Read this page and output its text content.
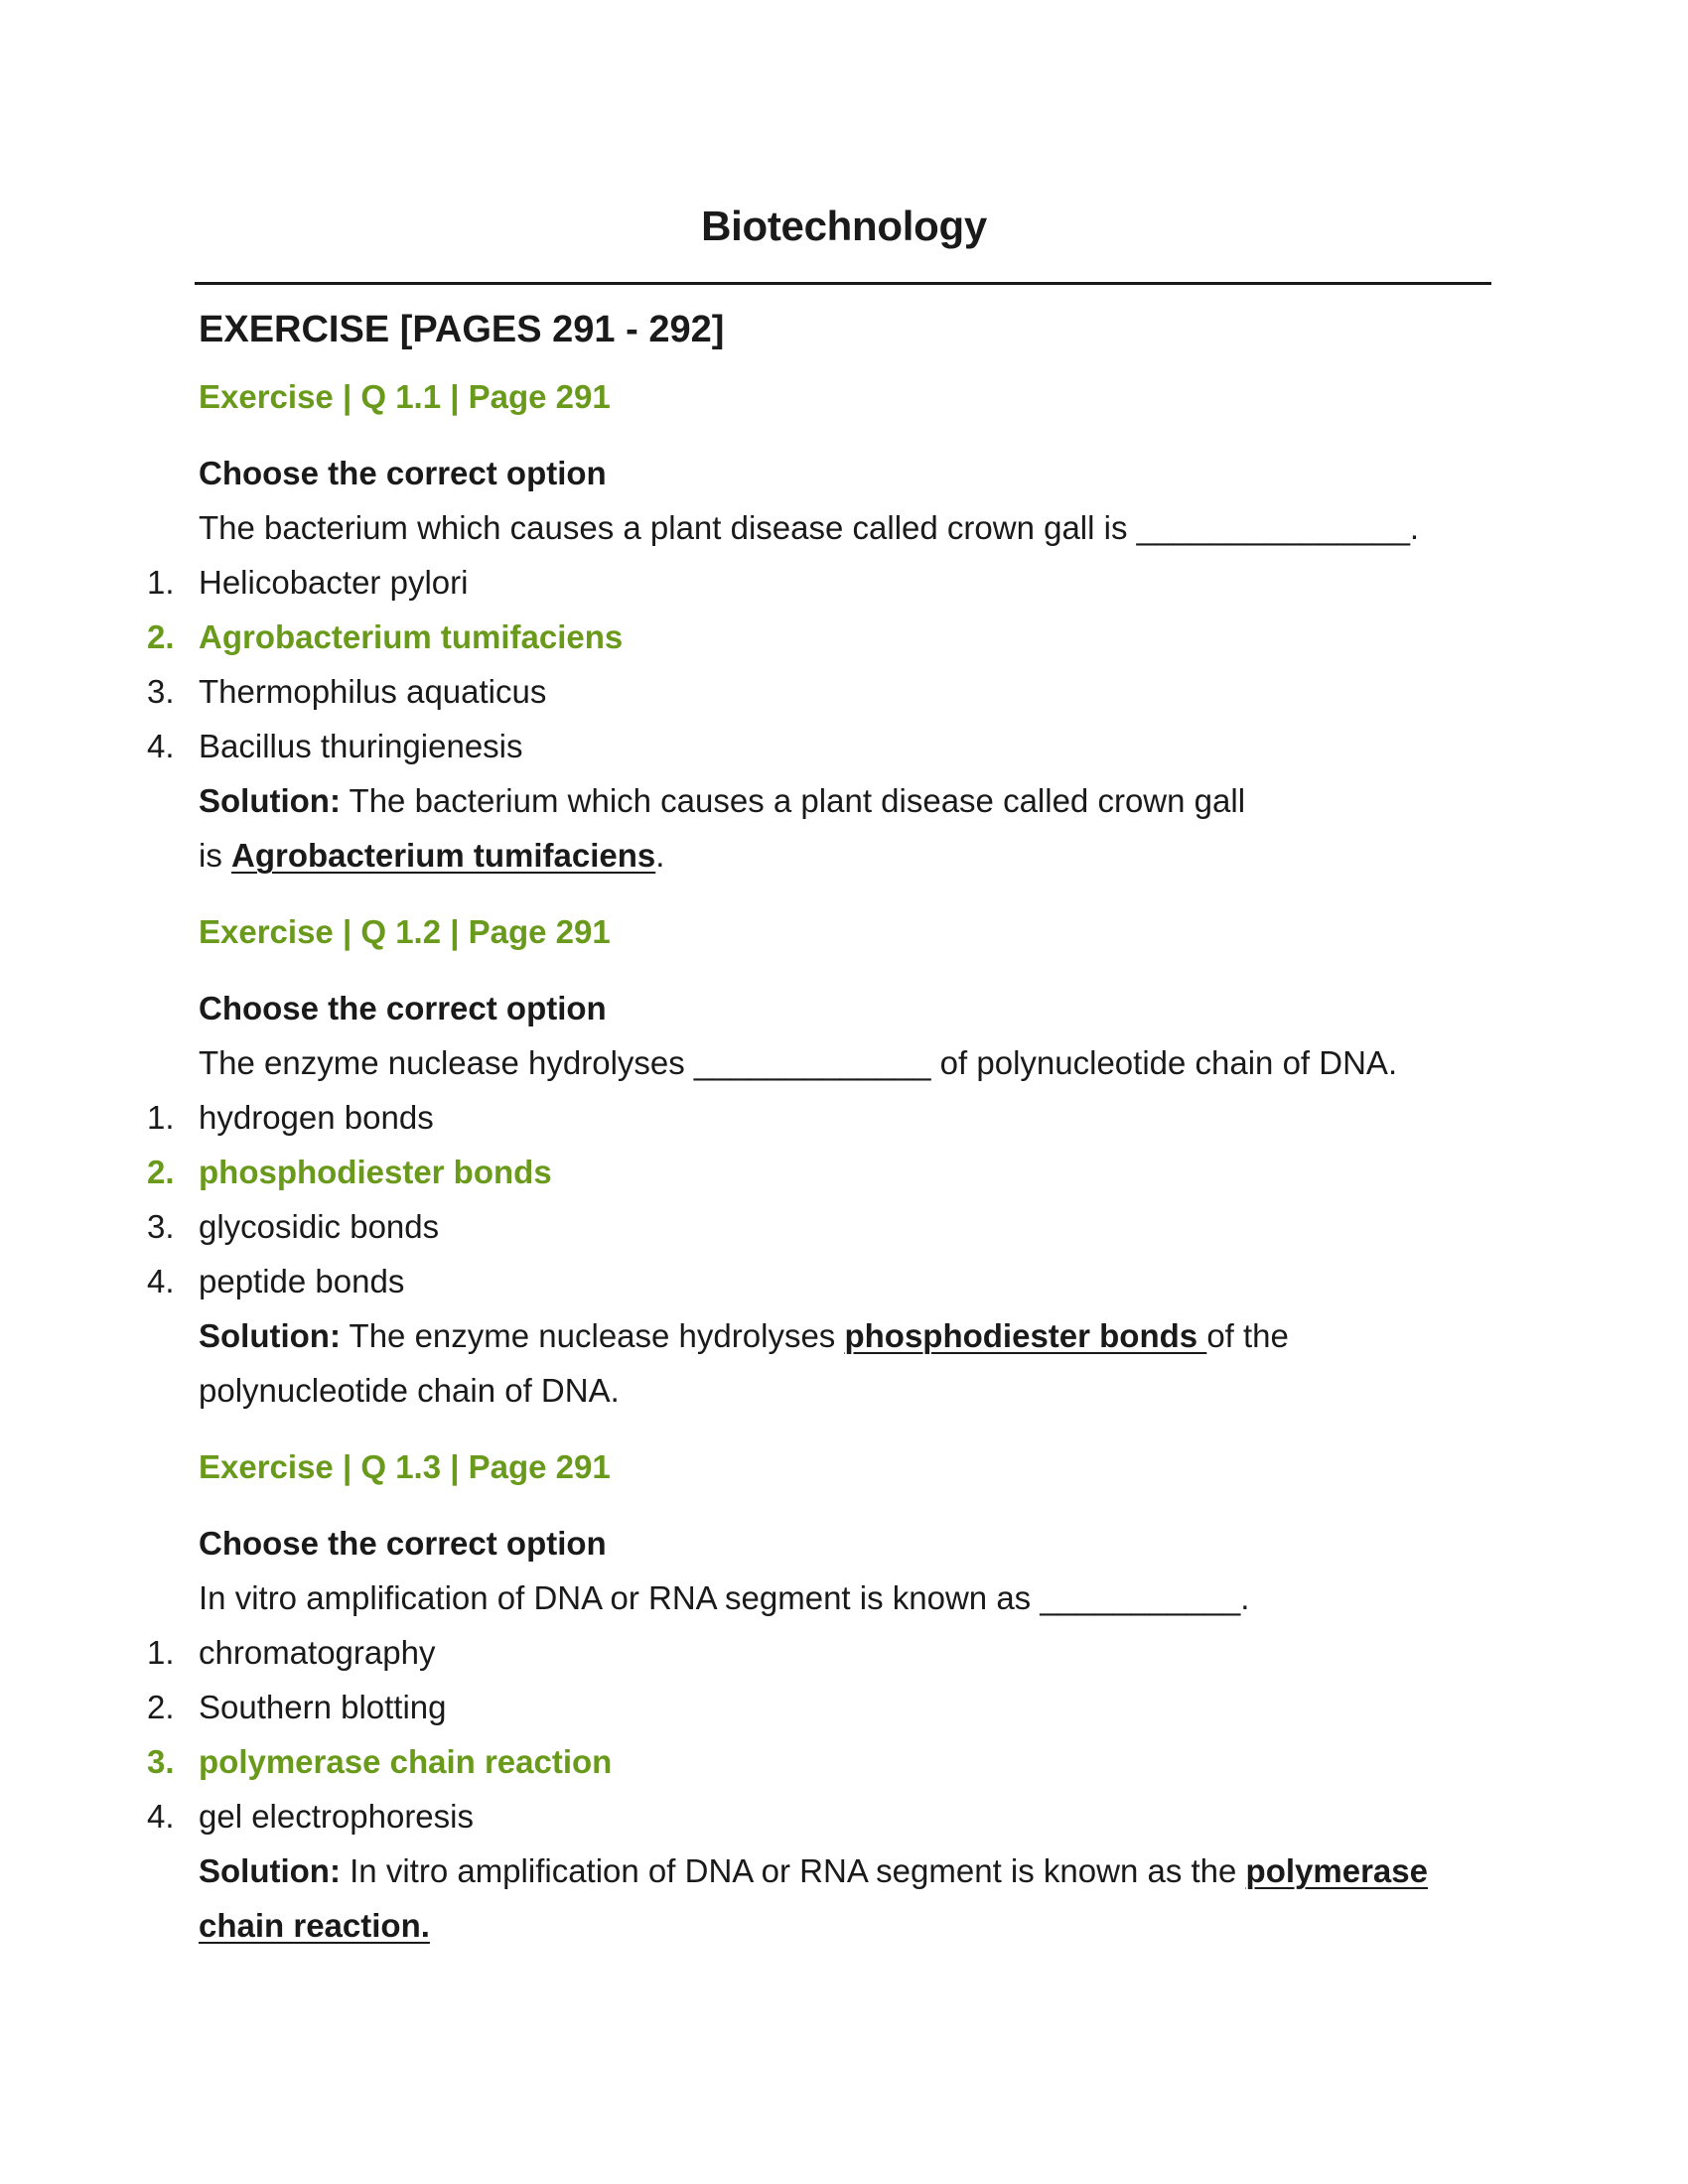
Biotechnology
EXERCISE [PAGES 291 - 292]
Exercise | Q 1.1 | Page 291
Choose the correct option
The bacterium which causes a plant disease called crown gall is _______________.
1. Helicobacter pylori
2. Agrobacterium tumifaciens
3. Thermophilus aquaticus
4. Bacillus thuringienesis
Solution: The bacterium which causes a plant disease called crown gall
is Agrobacterium tumifaciens.
Exercise | Q 1.2 | Page 291
Choose the correct option
The enzyme nuclease hydrolyses _____________ of polynucleotide chain of DNA.
1. hydrogen bonds
2. phosphodiester bonds
3. glycosidic bonds
4. peptide bonds
Solution: The enzyme nuclease hydrolyses phosphodiester bonds of the
polynucleotide chain of DNA.
Exercise | Q 1.3 | Page 291
Choose the correct option
In vitro amplification of DNA or RNA segment is known as ___________.
1. chromatography
2. Southern blotting
3. polymerase chain reaction
4. gel electrophoresis
Solution: In vitro amplification of DNA or RNA segment is known as the polymerase
chain reaction.
